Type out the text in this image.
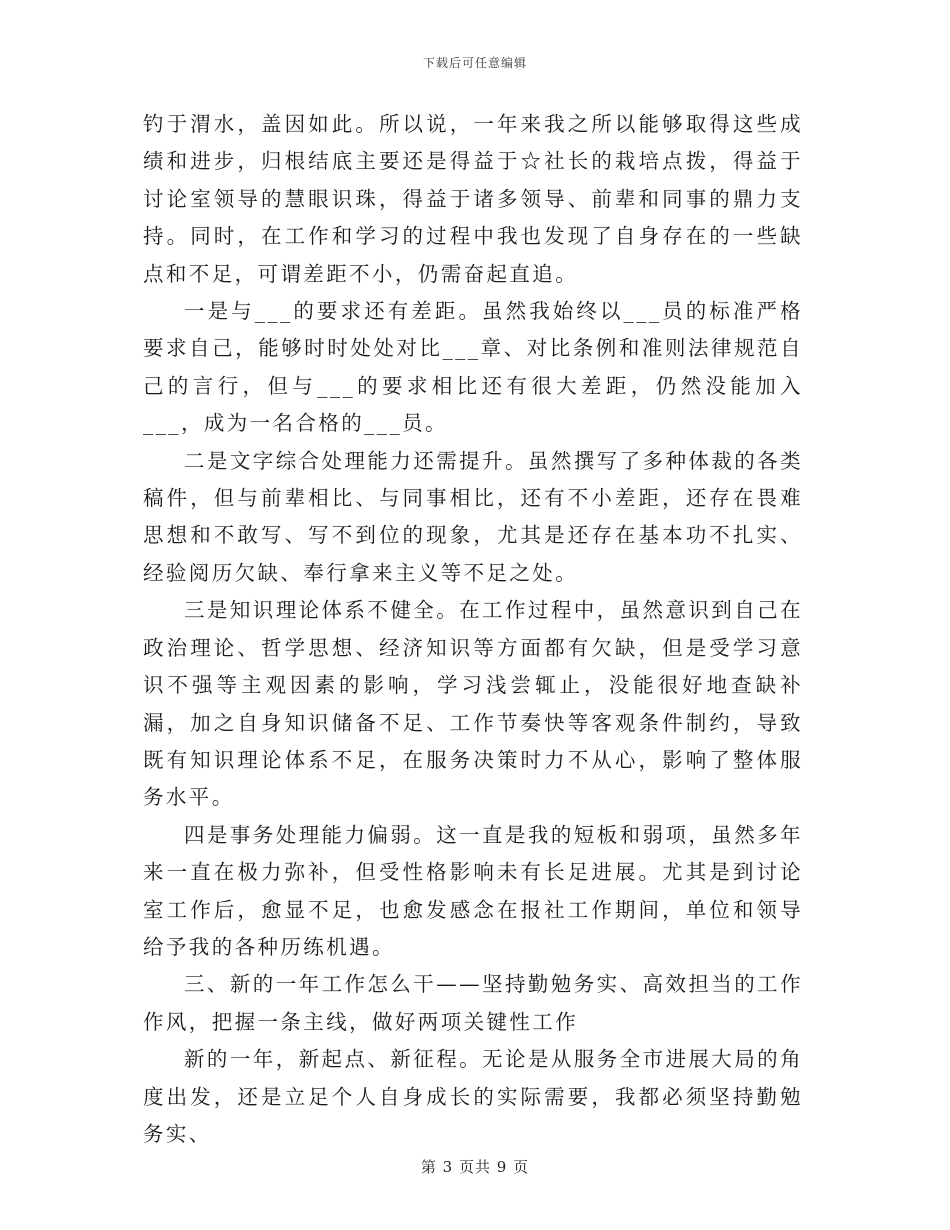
下载后可任意编辑

钓于渭水，盖因如此。所以说，一年来我之所以能够取得这些成绩和进步，归根结底主要还是得益于☆社长的栽培点拨，得益于讨论室领导的慧眼识珠，得益于诸多领导、前辈和同事的鼎力支持。同时，在工作和学习的过程中我也发现了自身存在的一些缺点和不足，可谓差距不小，仍需奋起直追。

一是与___的要求还有差距。虽然我始终以___员的标准严格要求自己，能够时时处处对比___章、对比条例和准则法律规范自己的言行，但与___的要求相比还有很大差距，仍然没能加入___，成为一名合格的___员。

二是文字综合处理能力还需提升。虽然撰写了多种体裁的各类稿件，但与前辈相比、与同事相比，还有不小差距，还存在畏难思想和不敢写、写不到位的现象，尤其是还存在基本功不扎实、经验阅历欠缺、奉行拿来主义等不足之处。

三是知识理论体系不健全。在工作过程中，虽然意识到自己在政治理论、哲学思想、经济知识等方面都有欠缺，但是受学习意识不强等主观因素的影响，学习浅尝辄止，没能很好地查缺补漏，加之自身知识储备不足、工作节奏快等客观条件制约，导致既有知识理论体系不足，在服务决策时力不从心，影响了整体服务水平。

四是事务处理能力偏弱。这一直是我的短板和弱项，虽然多年来一直在极力弥补，但受性格影响未有长足进展。尤其是到讨论室工作后，愈显不足，也愈发感念在报社工作期间，单位和领导给予我的各种历练机遇。

三、新的一年工作怎么干——坚持勤勉务实、高效担当的工作作风，把握一条主线，做好两项关键性工作

新的一年，新起点、新征程。无论是从服务全市进展大局的角度出发，还是立足个人自身成长的实际需要，我都必须坚持勤勉务实、

第 3 页共 9 页
